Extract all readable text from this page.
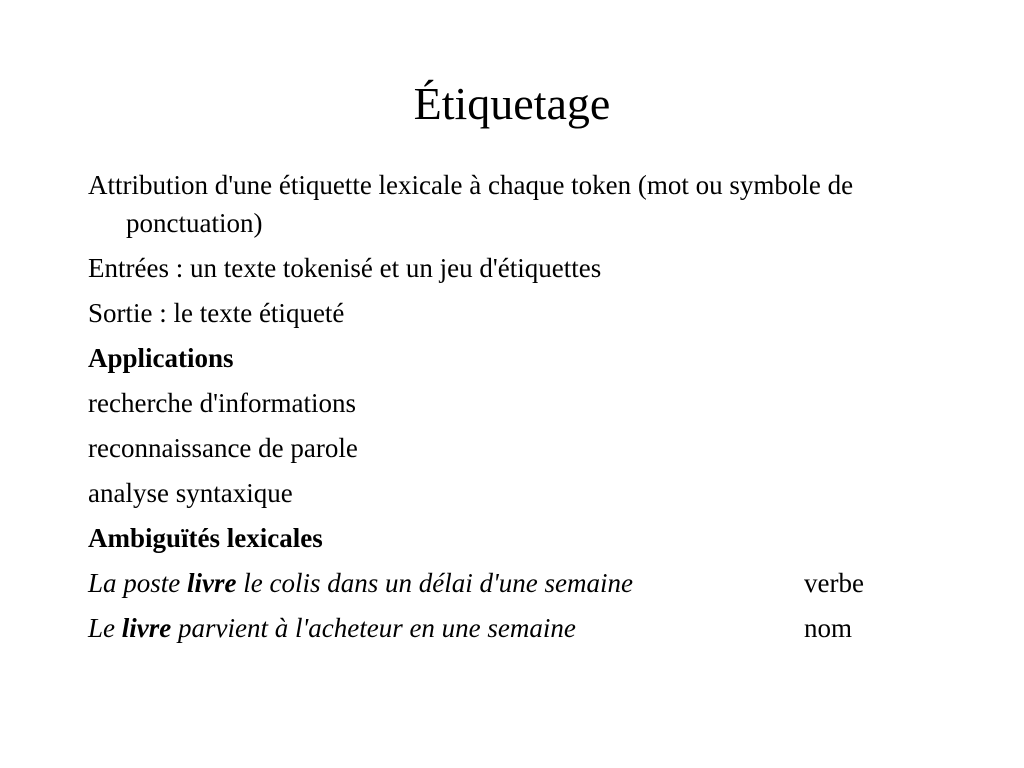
Étiquetage

Attribution d'une étiquette lexicale à chaque token (mot ou symbole de ponctuation)

Entrées : un texte tokenisé et un jeu d'étiquettes

Sortie : le texte étiqueté

Applications

recherche d'informations

reconnaissance de parole

analyse syntaxique

Ambiguïtés lexicales

La poste livre le colis dans un délai d'une semaine	verbe
Le livre parvient à l'acheteur en une semaine	nom
